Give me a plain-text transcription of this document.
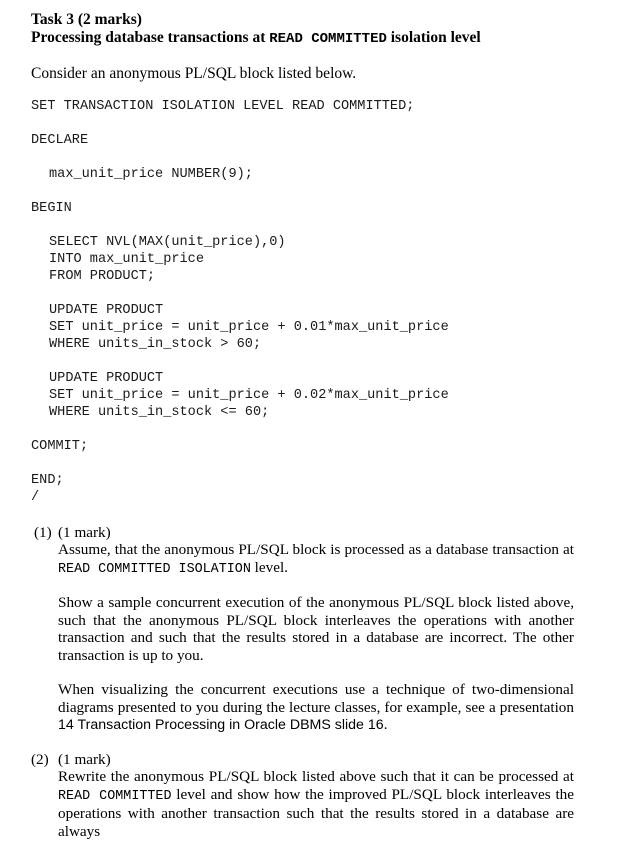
Task 3 (2 marks)
Processing database transactions at READ COMMITTED isolation level
Consider an anonymous PL/SQL block listed below.
SET TRANSACTION ISOLATION LEVEL READ COMMITTED;
DECLARE
max_unit_price NUMBER(9);
BEGIN
SELECT NVL(MAX(unit_price),0)
INTO max_unit_price
FROM PRODUCT;
UPDATE PRODUCT
SET unit_price = unit_price + 0.01*max_unit_price
WHERE units_in_stock > 60;
UPDATE PRODUCT
SET unit_price = unit_price + 0.02*max_unit_price
WHERE units_in_stock <= 60;
COMMIT;
END;
/
(1) (1 mark)
Assume, that the anonymous PL/SQL block is processed as a database transaction at READ COMMITTED ISOLATION level.
Show a sample concurrent execution of the anonymous PL/SQL block listed above, such that the anonymous PL/SQL block interleaves the operations with another transaction and such that the results stored in a database are incorrect. The other transaction is up to you.
When visualizing the concurrent executions use a technique of two-dimensional diagrams presented to you during the lecture classes, for example, see a presentation 14 Transaction Processing in Oracle DBMS slide 16.
(2) (1 mark)
Rewrite the anonymous PL/SQL block listed above such that it can be processed at READ COMMITTED level and show how the improved PL/SQL block interleaves the operations with another transaction such that the results stored in a database are always
